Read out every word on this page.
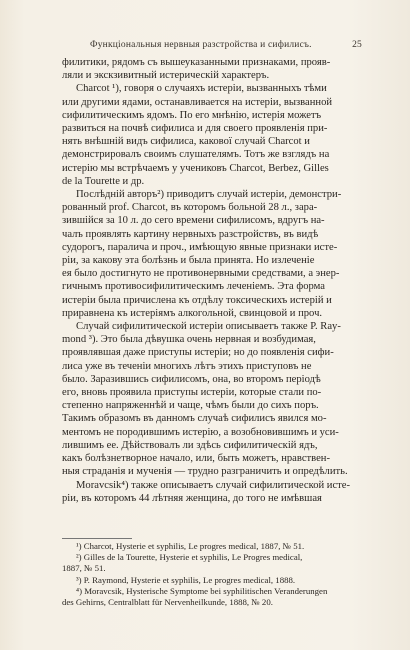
Функціональныя нервныя разстройства и сифилисъ.	25
филитики, рядомъ съ вышеуказанными признаками, прояв-
ляли и экскзивитный истерическій характеръ.
Charcot ¹), говоря о случаяхъ истеріи, вызванныхъ тѣми
или другими ядами, останавливается на истеріи, вызванной
сифилитическимъ ядомъ. По его мнѣнію, истерія можетъ
развиться на почвѣ сифилиса и для своего проявленія при-
нять внѣшній видъ сифилиса, какової случай Charcot и
демонстрировалъ своимъ слушателямъ. Тотъ же взглядъ на
истерію мы встрѣчаемъ у учениковъ Charcot, Berbez, Gilles
de la Tourette и др.
Послѣдній авторъ²) приводитъ случай истеріи, демонстри-
рованный prof. Charcot, въ которомъ больной 28 л., зара-
зившійся за 10 л. до сего времени сифилисомъ, вдругъ на-
чалъ проявлять картину нервныхъ разстройствъ, въ видѣ
судорогъ, паралича и проч., имѣющую явные признаки исте-
ріи, за какову эта болѣзнь и была принята. Но излеченіе
ея было достигнуто не противонервными средствами, а энер-
гичнымъ противосифилитическимъ леченіемъ. Эта форма
истеріи была причислена къ отдѣлу токсическихъ истерій и
приравнена къ истеріямъ алкогольной, свинцовой и проч.
Случай сифилитической истеріи описываетъ также P. Ray-
mond ³). Это была дѣвушка очень нервная и возбудимая,
проявлявшая даже приступы истеріи; но до появленія сифи-
лиса уже въ теченіи многихъ лѣтъ этихъ приступовъ не
было. Заразившись сифилисомъ, она, во второмъ періодѣ
его, вновь проявила приступы истеріи, которые стали по-
степенно напряженнѣй и чаще, чѣмъ были до сихъ поръ.
Такимъ образомъ въ данномъ случаѣ сифилисъ явился мо-
ментомъ не породившимъ истерію, а возобновившимъ и уси-
лившимъ ее. Дѣйствовалъ ли здѣсь сифилитическій ядъ,
какъ болѣзнетворное начало, или, быть можетъ, нравствен-
ныя страданія и мученія — трудно разграничить и опредѣлить.
Moravcsik⁴) также описываетъ случай сифилитической исте-
ріи, въ которомъ 44 лѣтняя женщина, до того не имѣвшая
¹) Charcot, Hysterie et syphilis, Le progres medical, 1887, № 51.
²) Gilles de la Tourette, Hysterie et syphilis, Le Progres medical,
1887, № 51.
³) P. Raymond, Hysterie et syphilis, Le progres medical, 1888.
⁴) Moravcsik, Hysterische Symptome bei syphilitischen Veranderungen
des Gehirns, Centralblatt für Nervenheilkunde, 1888, № 20.
